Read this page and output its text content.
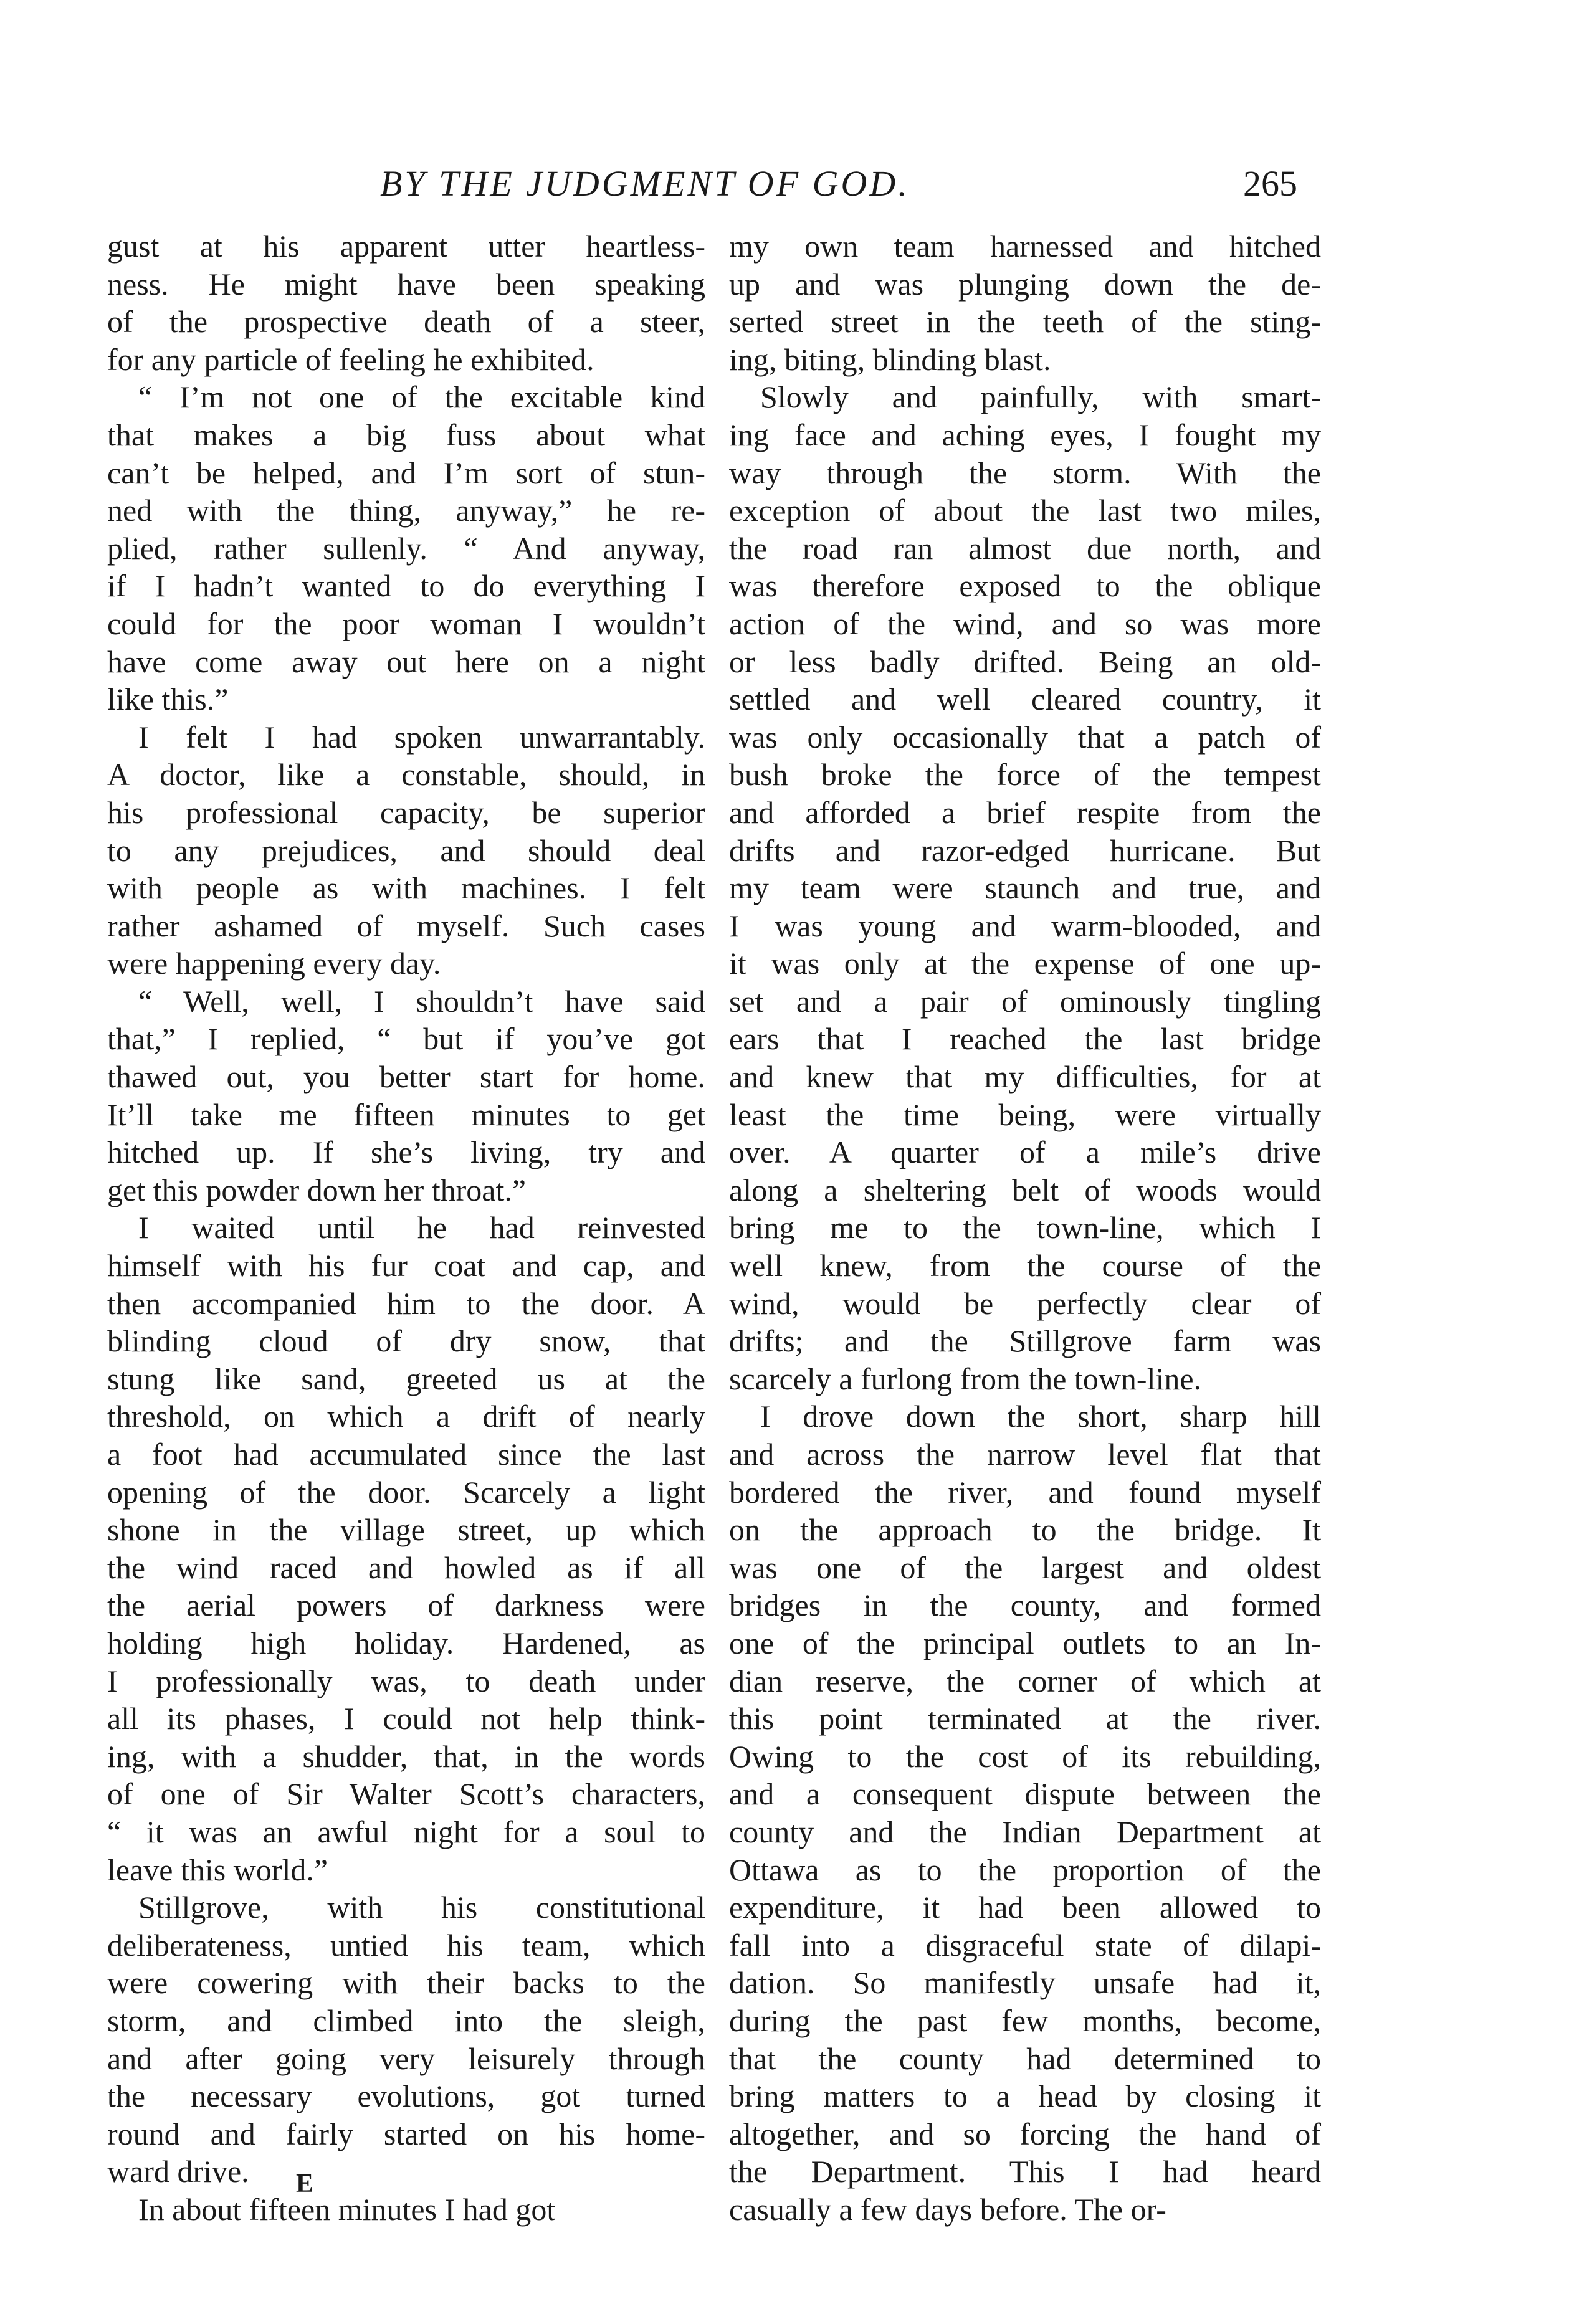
BY THE JUDGMENT OF GOD.	265
gust at his apparent utter heartless-
ness. He might have been speaking
of the prospective death of a steer,
for any particle of feeling he exhibited.
“ I’m not one of the excitable kind
that makes a big fuss about what
can’t be helped, and I’m sort of stun-
ned with the thing, anyway,” he re-
plied, rather sullenly. “ And anyway,
if I hadn’t wanted to do everything I
could for the poor woman I wouldn’t
have come away out here on a night
like this.”
I felt I had spoken unwarrantably.
A doctor, like a constable, should, in
his professional capacity, be superior
to any prejudices, and should deal
with people as with machines. I felt
rather ashamed of myself. Such cases
were happening every day.
“ Well, well, I shouldn’t have said
that,” I replied, “ but if you’ve got
thawed out, you better start for home.
It’ll take me fifteen minutes to get
hitched up. If she’s living, try and
get this powder down her throat.”
I waited until he had reinvested
himself with his fur coat and cap, and
then accompanied him to the door. A
blinding cloud of dry snow, that
stung like sand, greeted us at the
threshold, on which a drift of nearly
a foot had accumulated since the last
opening of the door. Scarcely a light
shone in the village street, up which
the wind raced and howled as if all
the aerial powers of darkness were
holding high holiday. Hardened, as
I professionally was, to death under
all its phases, I could not help think-
ing, with a shudder, that, in the words
of one of Sir Walter Scott’s characters,
“ it was an awful night for a soul to
leave this world.”
Stillgrove, with his constitutional
deliberateness, untied his team, which
were cowering with their backs to the
storm, and climbed into the sleigh,
and after going very leisurely through
the necessary evolutions, got turned
round and fairly started on his home-
ward drive.
In about fifteen minutes I had got
my own team harnessed and hitched
up and was plunging down the de-
serted street in the teeth of the sting-
ing, biting, blinding blast.
Slowly and painfully, with smart-
ing face and aching eyes, I fought my
way through the storm. With the
exception of about the last two miles,
the road ran almost due north, and
was therefore exposed to the oblique
action of the wind, and so was more
or less badly drifted. Being an old-
settled and well cleared country, it
was only occasionally that a patch of
bush broke the force of the tempest
and afforded a brief respite from the
drifts and razor-edged hurricane. But
my team were staunch and true, and
I was young and warm-blooded, and
it was only at the expense of one up-
set and a pair of ominously tingling
ears that I reached the last bridge
and knew that my difficulties, for at
least the time being, were virtually
over. A quarter of a mile’s drive
along a sheltering belt of woods would
bring me to the town-line, which I
well knew, from the course of the
wind, would be perfectly clear of
drifts; and the Stillgrove farm was
scarcely a furlong from the town-line.
I drove down the short, sharp hill
and across the narrow level flat that
bordered the river, and found myself
on the approach to the bridge. It
was one of the largest and oldest
bridges in the county, and formed
one of the principal outlets to an In-
dian reserve, the corner of which at
this point terminated at the river.
Owing to the cost of its rebuilding,
and a consequent dispute between the
county and the Indian Department at
Ottawa as to the proportion of the
expenditure, it had been allowed to
fall into a disgraceful state of dilapi-
dation. So manifestly unsafe had it,
during the past few months, become,
that the county had determined to
bring matters to a head by closing it
altogether, and so forcing the hand of
the Department. This I had heard
casually a few days before. The or-
E
